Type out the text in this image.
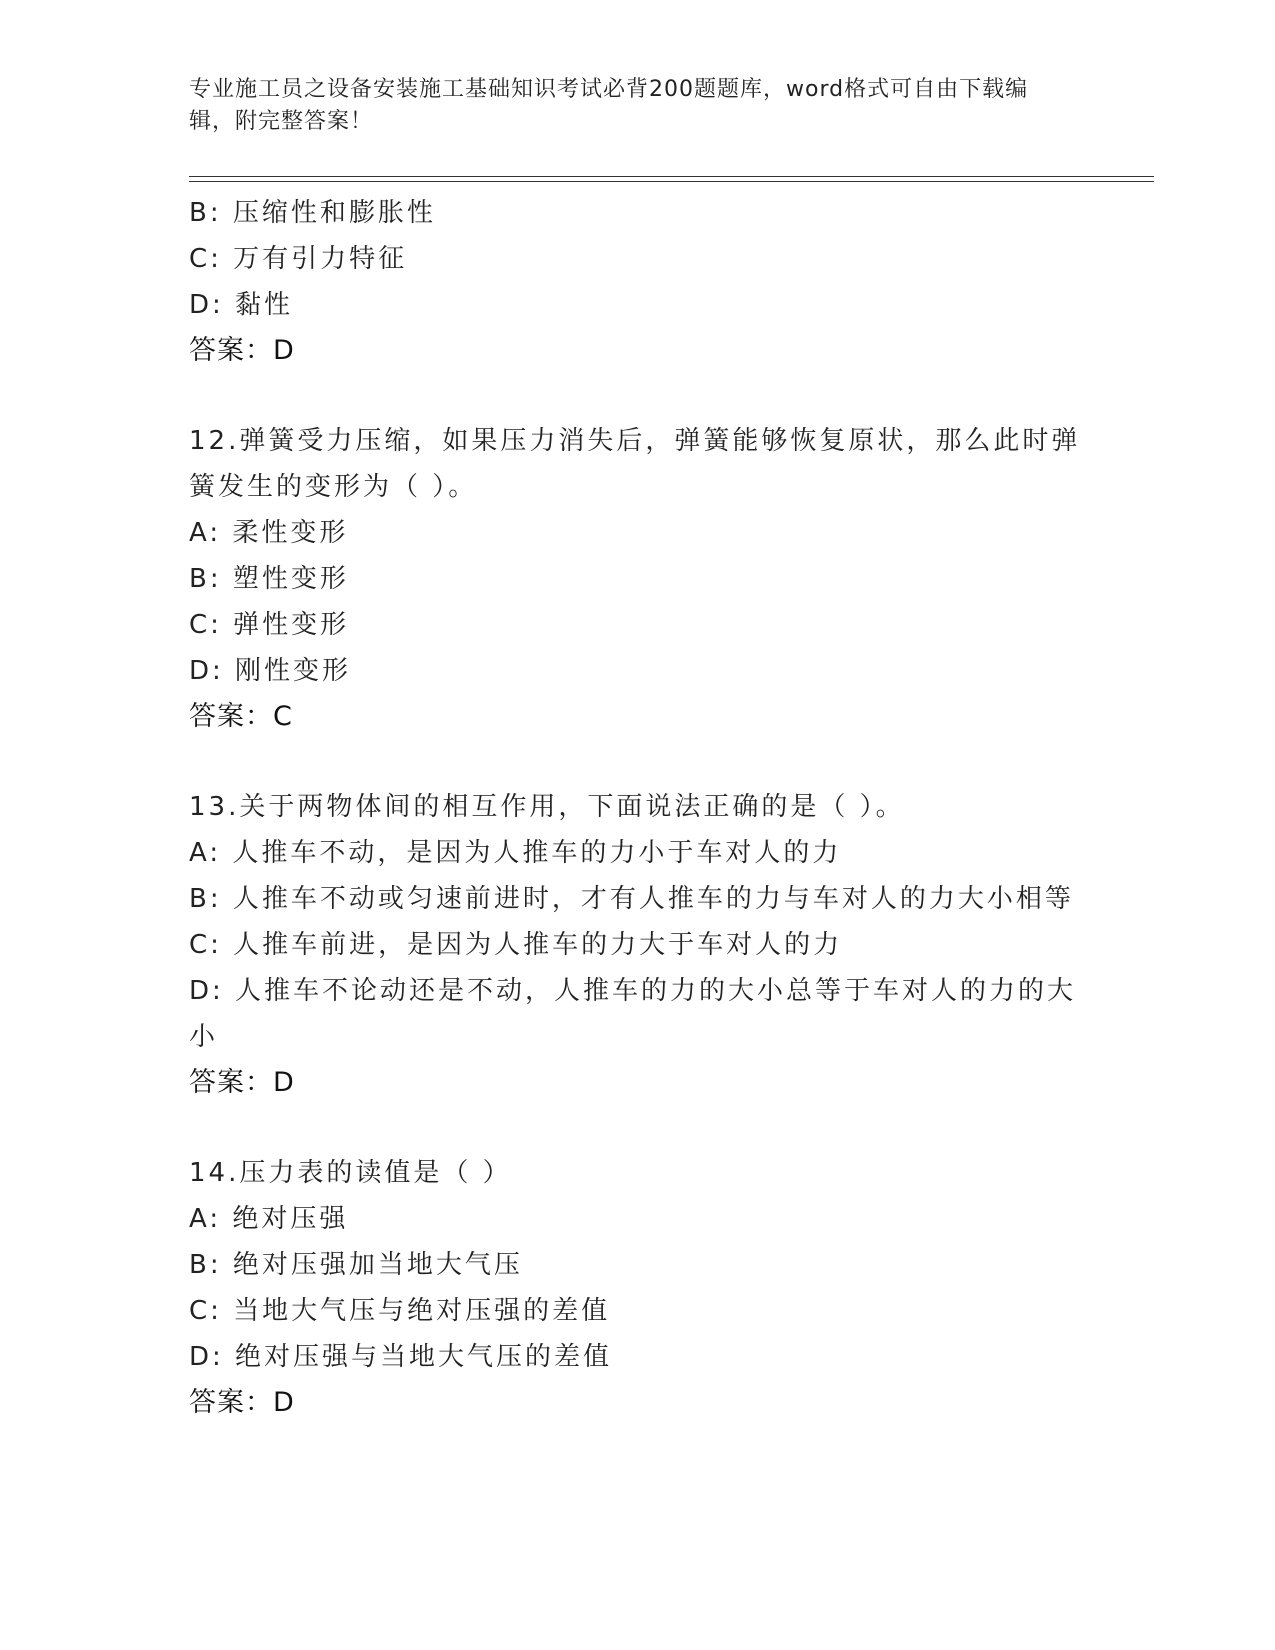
专业施工员之设备安装施工基础知识考试必背200题题库，word格式可自由下载编辑，附完整答案！
B: 压缩性和膨胀性
C: 万有引力特征
D: 黏性
答案：D
12.弹簧受力压缩，如果压力消失后，弹簧能够恢复原状，那么此时弹
簧发生的变形为（ ）。
A: 柔性变形
B: 塑性变形
C: 弹性变形
D: 刚性变形
答案：C
13.关于两物体间的相互作用，下面说法正确的是（ ）。
A: 人推车不动，是因为人推车的力小于车对人的力
B: 人推车不动或匀速前进时，才有人推车的力与车对人的力大小相等
C: 人推车前进，是因为人推车的力大于车对人的力
D: 人推车不论动还是不动，人推车的力的大小总等于车对人的力的大
小
答案：D
14.压力表的读值是（ ）
A: 绝对压强
B: 绝对压强加当地大气压
C: 当地大气压与绝对压强的差值
D: 绝对压强与当地大气压的差值
答案：D
